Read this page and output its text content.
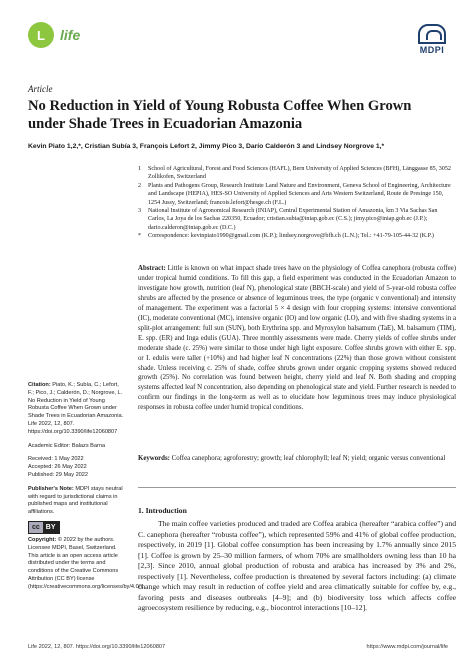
L	life
MDPI
Article
No Reduction in Yield of Young Robusta Coffee When Grown under Shade Trees in Ecuadorian Amazonia
Kevin Piato 1,2,*, Cristian Subía 3, François Lefort 2, Jimmy Pico 3, Darío Calderón 3 and Lindsey Norgrove 1,*
1	School of Agricultural, Forest and Food Sciences (HAFL), Bern University of Applied Sciences (BFH), Länggasse 85, 3052 Zollikofen, Switzerland
2	Plants and Pathogens Group, Research Institute Land Nature and Environment, Geneva School of Engineering, Architecture and Landscape (HEPIA), HES-SO University of Applied Sciences and Arts Western Switzerland, Route de Presinge 150, 1254 Jussy, Switzerland; francois.lefort@hesge.ch (F.L.)
3	National Institute of Agronomical Research (INIAP), Central Experimental Station of Amazonia, km 3 Via Sachas San Carlos, La Joya de los Sachas 220350, Ecuador; cristian.subia@iniap.gob.ec (C.S.); jimy.pico@iniap.gob.ec (J.P.); dario.calderon@iniap.gob.ec (D.C.)
*	Correspondence: kevinpiato1990@gmail.com (K.P.); lindsey.norgrove@bfh.ch (L.N.); Tel.: +41-79-105-44-32 (K.P.)
Abstract: Little is known on what impact shade trees have on the physiology of Coffea canephora (robusta coffee) under tropical humid conditions. To fill this gap, a field experiment was conducted in the Ecuadorian Amazon to investigate how growth, nutrition (leaf N), phenological state (BBCH-scale) and yield of 5-year-old robusta coffee shrubs are affected by the presence or absence of leguminous trees, the type (organic v conventional) and intensity of management. The experiment was a factorial 5 × 4 design with four cropping systems: intensive conventional (IC), moderate conventional (MC), intensive organic (IO) and low organic (LO), and with five shading systems in a split-plot arrangement: full sun (SUN), both Erythrina spp. and Myroxylon balsamum (TaE), M. balsamum (TIM), E. spp. (ER) and Inga edulis (GUA). Three monthly assessments were made. Cherry yields of coffee shrubs under moderate shade (c. 25%) were similar to those under high light exposure. Coffee shrubs grown with either E. spp. or I. edulis were taller (+10%) and had higher leaf N concentrations (22%) than those grown without consistent shade. Unless receiving c. 25% of shade, coffee shrubs grown under organic cropping systems showed reduced growth (25%). No correlation was found between height, cherry yield and leaf N. Both shading and cropping systems affected leaf N concentration, also depending on phenological state and yield. Further research is needed to confirm our findings in the long-term as well as to elucidate how leguminous trees may induce physiological responses in robusta coffee under humid tropical conditions.
Keywords: Coffea canephora; agroforestry; growth; leaf chlorophyll; leaf N; yield; organic versus conventional
Citation: Piato, K.; Subía, C.; Lefort, F.; Pico, J.; Calderón, D.; Norgrove, L. No Reduction in Yield of Young Robusta Coffee When Grown under Shade Trees in Ecuadorian Amazonia. Life 2022, 12, 807. https://doi.org/10.3390/life12060807
Academic Editor: Balazs Barna
Received: 1 May 2022
Accepted: 26 May 2022
Published: 29 May 2022
Publisher's Note: MDPI stays neutral with regard to jurisdictional claims in published maps and institutional affiliations.
cc BY
Copyright: © 2022 by the authors. Licensee MDPI, Basel, Switzerland. This article is an open access article distributed under the terms and conditions of the Creative Commons Attribution (CC BY) license (https://creativecommons.org/licenses/by/4.0/).
1. Introduction
The main coffee varieties produced and traded are Coffea arabica (hereafter “arabica coffee”) and C. canephora (hereafter “robusta coffee”), which represented 59% and 41% of global coffee production, respectively, in 2019 [1]. Global coffee consumption has been increasing by 1.7% annually since 2015 [1]. Coffee is grown by 25–30 million farmers, of whom 70% are smallholders owning less than 10 ha [2,3]. Since 2010, annual global production of robusta and arabica has increased by 3% and 2%, respectively [1]. Nevertheless, coffee production is threatened by several factors including: (a) climate change which may result in reduction of coffee yield and area climatically suitable for coffee by, e.g., favoring pests and diseases outbreaks [4–9]; and (b) biodiversity loss which affects coffee agroecosystem resilience by reducing, e.g., biocontrol interactions [10–12].
Life 2022, 12, 807. https://doi.org/10.3390/life12060807	https://www.mdpi.com/journal/life
